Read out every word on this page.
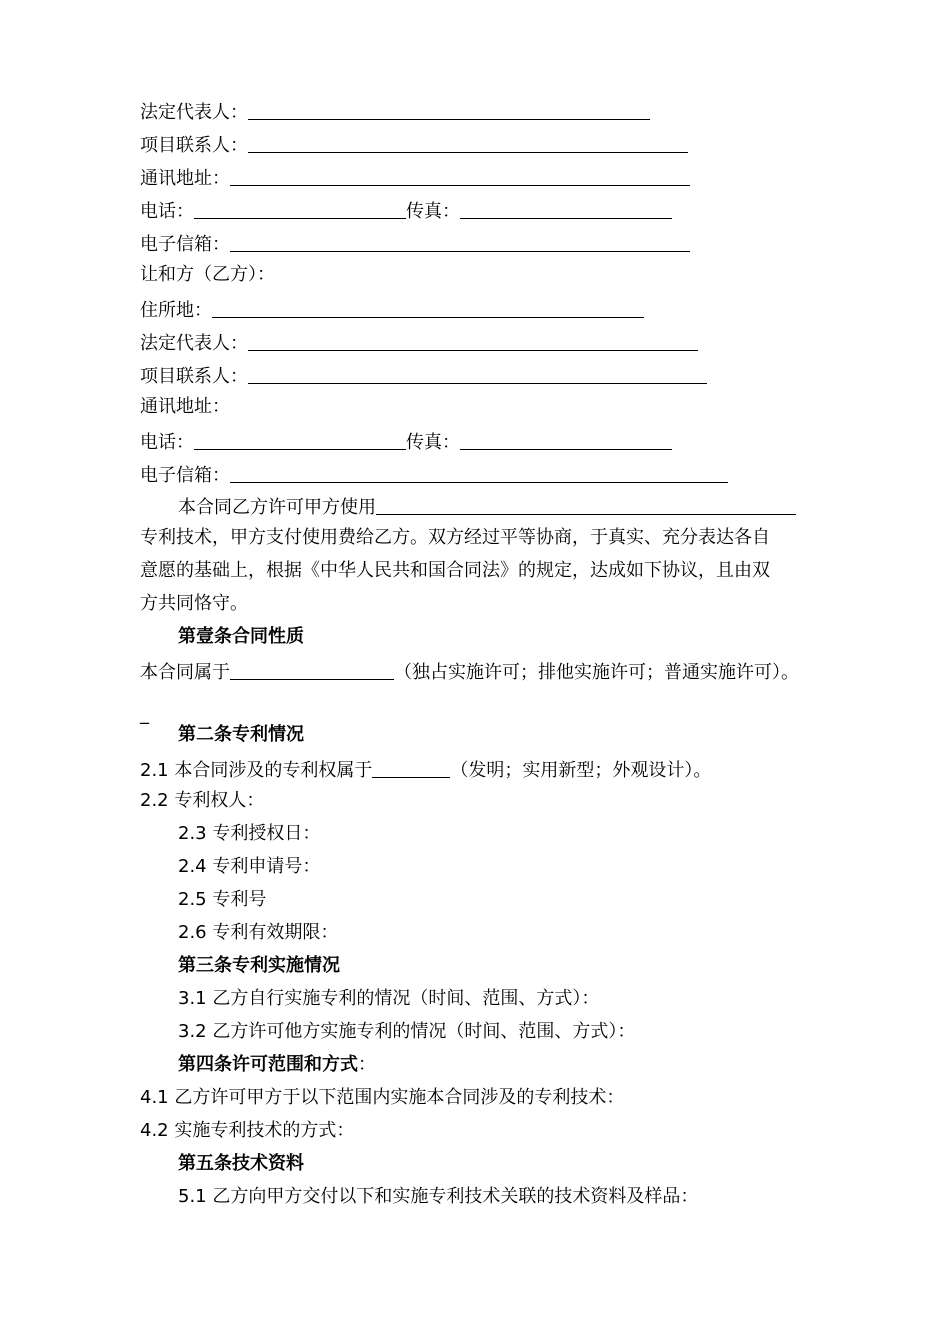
法定代表人：
项目联系人：
通讯地址：
电话：	传真：
电子信箱：
让和方（乙方）：
住所地：
法定代表人：
项目联系人：
通讯地址：
电话：	传真：
电子信箱：
本合同乙方许可甲方使用
专利技术，甲方支付使用费给乙方。双方经过平等协商，于真实、充分表达各自
意愿的基础上，根据《中华人民共和国合同法》的规定，达成如下协议，且由双
方共同恪守。
第壹条合同性质
本合同属于	（独占实施许可；排他实施许可；普通实施许可）。
_
第二条专利情况
2.1 本合同涉及的专利权属于	（发明；实用新型；外观设计）。
2.2 专利权人：
2.3 专利授权日：
2.4 专利申请号：
2.5 专利号
2.6 专利有效期限：
第三条专利实施情况
3.1 乙方自行实施专利的情况（时间、范围、方式）：
3.2 乙方许可他方实施专利的情况（时间、范围、方式）：
第四条许可范围和方式：
4.1 乙方许可甲方于以下范围内实施本合同涉及的专利技术：
4.2 实施专利技术的方式：
第五条技术资料
5.1 乙方向甲方交付以下和实施专利技术关联的技术资料及样品：
